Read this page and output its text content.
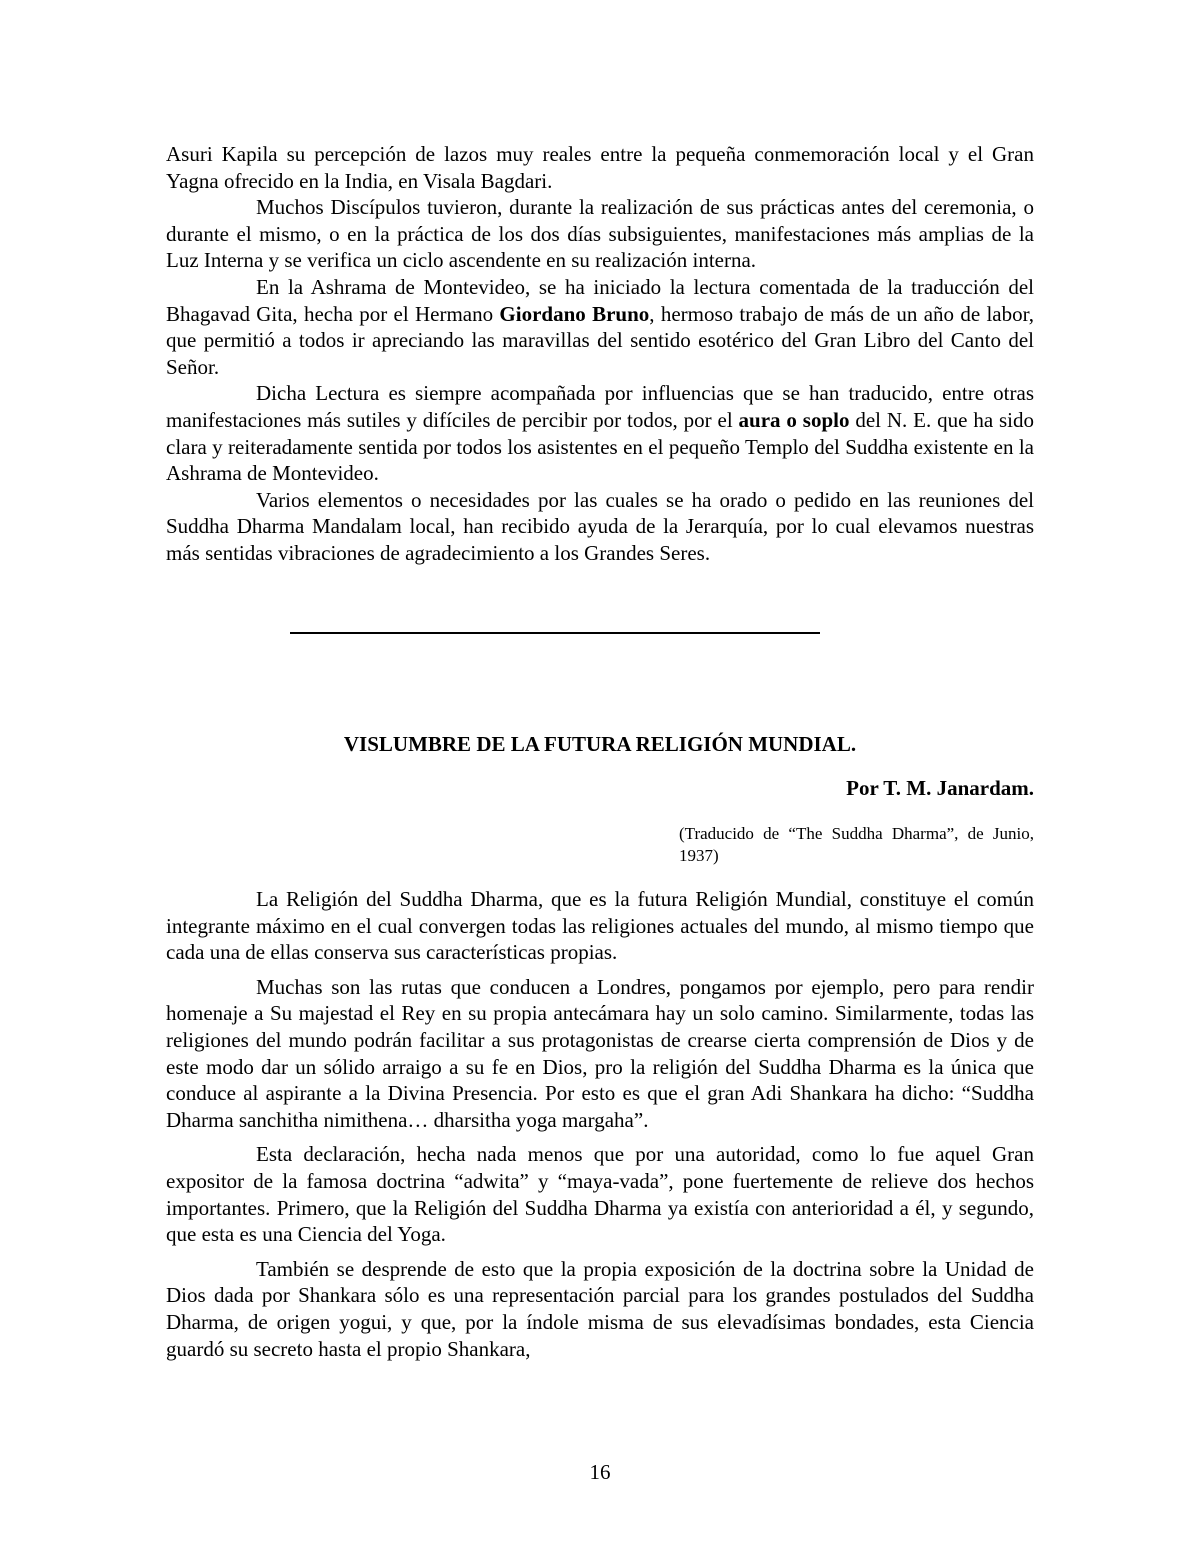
Asuri Kapila su percepción de lazos muy reales entre la pequeña conmemoración local y el Gran Yagna ofrecido en la India, en Visala Bagdari.

Muchos Discípulos tuvieron, durante la realización de sus prácticas antes del ceremonia, o durante el mismo, o en la práctica de los dos días subsiguientes, manifestaciones más amplias de la Luz Interna y se verifica un ciclo ascendente en su realización interna.

En la Ashrama de Montevideo, se ha iniciado la lectura comentada de la traducción del Bhagavad Gita, hecha por el Hermano Giordano Bruno, hermoso trabajo de más de un año de labor, que permitió a todos ir apreciando las maravillas del sentido esotérico del Gran Libro del Canto del Señor.

Dicha Lectura es siempre acompañada por influencias que se han traducido, entre otras manifestaciones más sutiles y difíciles de percibir por todos, por el aura o soplo del N. E. que ha sido clara y reiteradamente sentida por todos los asistentes en el pequeño Templo del Suddha existente en la Ashrama de Montevideo.

Varios elementos o necesidades por las cuales se ha orado o pedido en las reuniones del Suddha Dharma Mandalam local, han recibido ayuda de la Jerarquía, por lo cual elevamos nuestras más sentidas vibraciones de agradecimiento a los Grandes Seres.

VISLUMBRE DE LA FUTURA RELIGIÓN MUNDIAL.

Por T. M. Janardam.

(Traducido de “The Suddha Dharma”, de Junio, 1937)

La Religión del Suddha Dharma, que es la futura Religión Mundial, constituye el común integrante máximo en el cual convergen todas las religiones actuales del mundo, al mismo tiempo que cada una de ellas conserva sus características propias.

Muchas son las rutas que conducen a Londres, pongamos por ejemplo, pero para rendir homenaje a Su majestad el Rey en su propia antecámara hay un solo camino. Similarmente, todas las religiones del mundo podrán facilitar a sus protagonistas de crearse cierta comprensión de Dios y de este modo dar un sólido arraigo a su fe en Dios, pro la religión del Suddha Dharma es la única que conduce al aspirante a la Divina Presencia. Por esto es que el gran Adi Shankara ha dicho: “Suddha Dharma sanchitha nimithena… dharsitha yoga margaha”.

Esta declaración, hecha nada menos que por una autoridad, como lo fue aquel Gran expositor de la famosa doctrina “adwita” y “maya-vada”, pone fuertemente de relieve dos hechos importantes. Primero, que la Religión del Suddha Dharma ya existía con anterioridad a él, y segundo, que esta es una Ciencia del Yoga.

También se desprende de esto que la propia exposición de la doctrina sobre la Unidad de Dios dada por Shankara sólo es una representación parcial para los grandes postulados del Suddha Dharma, de origen yogui, y que, por la índole misma de sus elevadísimas bondades, esta Ciencia guardó su secreto hasta el propio Shankara,

16
